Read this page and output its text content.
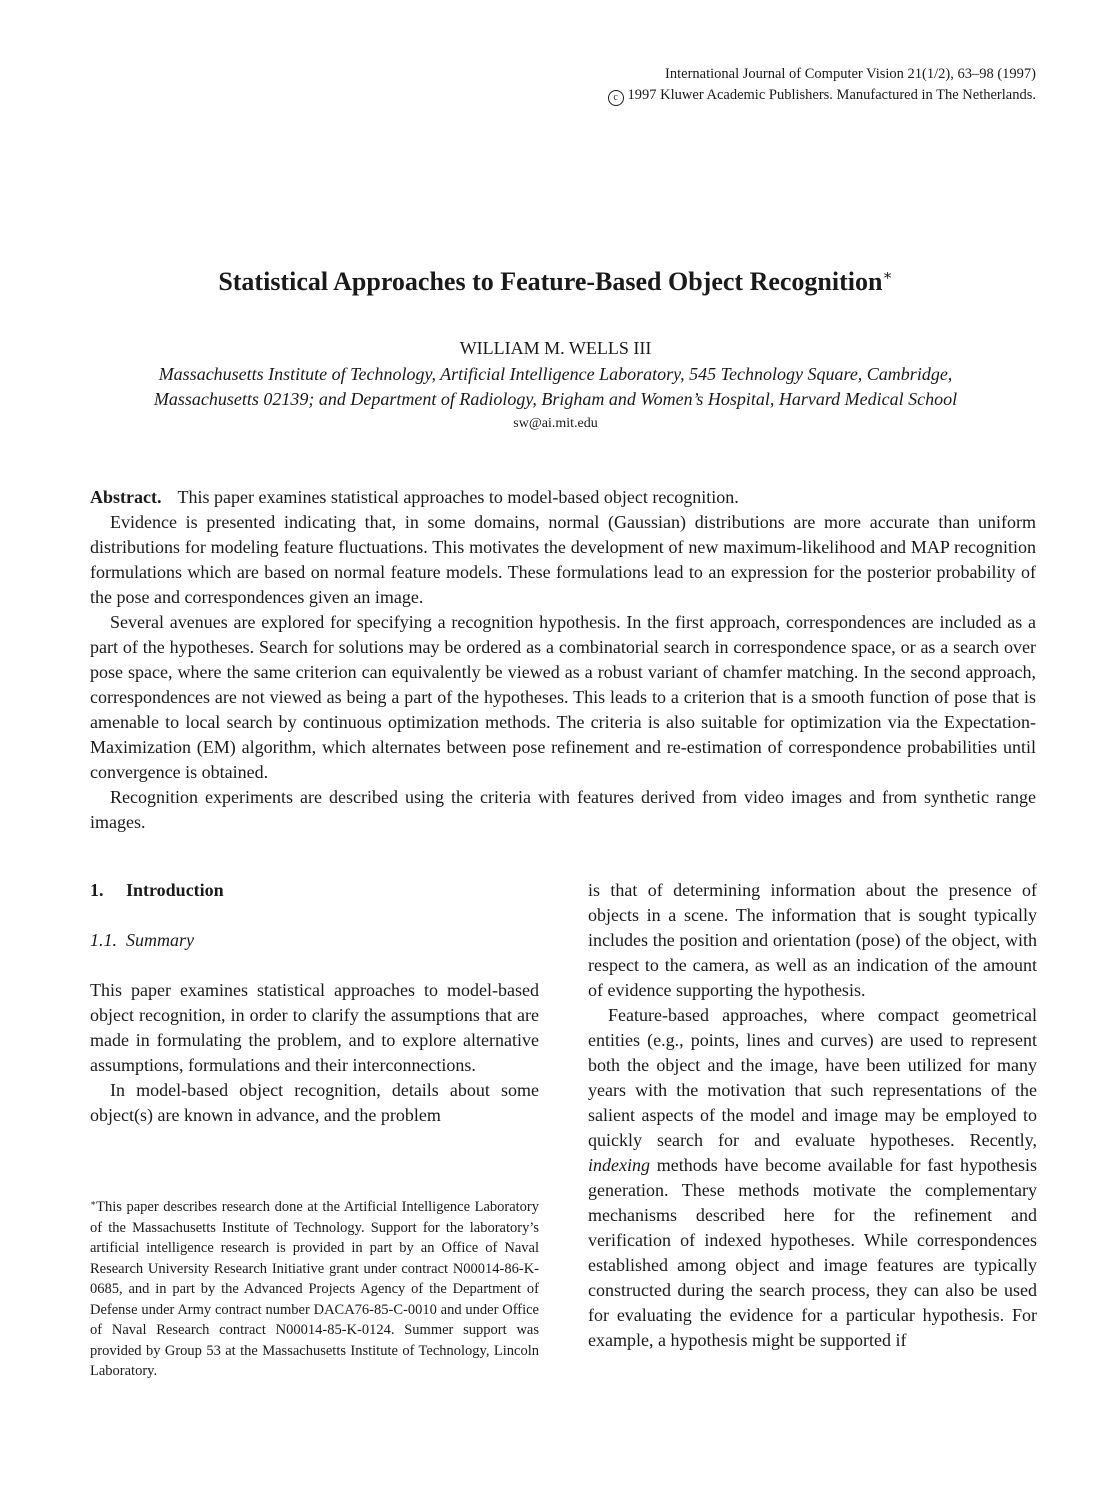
International Journal of Computer Vision 21(1/2), 63–98 (1997)
c 1997 Kluwer Academic Publishers. Manufactured in The Netherlands.
Statistical Approaches to Feature-Based Object Recognition∗
WILLIAM M. WELLS III
Massachusetts Institute of Technology, Artificial Intelligence Laboratory, 545 Technology Square, Cambridge,
Massachusetts 02139; and Department of Radiology, Brigham and Women’s Hospital, Harvard Medical School
sw@ai.mit.edu

Abstract. This paper examines statistical approaches to model-based object recognition.

Evidence is presented indicating that, in some domains, normal (Gaussian) distributions are more accurate than uniform distributions for modeling feature fluctuations. This motivates the development of new maximum-likelihood and MAP recognition formulations which are based on normal feature models. These formulations lead to an expression for the posterior probability of the pose and correspondences given an image.

Several avenues are explored for specifying a recognition hypothesis. In the first approach, correspondences are included as a part of the hypotheses. Search for solutions may be ordered as a combinatorial search in correspondence space, or as a search over pose space, where the same criterion can equivalently be viewed as a robust variant of chamfer matching. In the second approach, correspondences are not viewed as being a part of the hypotheses. This leads to a criterion that is a smooth function of pose that is amenable to local search by continuous optimization methods. The criteria is also suitable for optimization via the Expectation-Maximization (EM) algorithm, which alternates between pose refinement and re-estimation of correspondence probabilities until convergence is obtained.

Recognition experiments are described using the criteria with features derived from video images and from synthetic range images.

1. Introduction
1.1. Summary

This paper examines statistical approaches to model-based object recognition, in order to clarify the assumptions that are made in formulating the problem, and to explore alternative assumptions, formulations and their interconnections.

In model-based object recognition, details about some object(s) are known in advance, and the problem

∗This paper describes research done at the Artificial Intelligence Laboratory of the Massachusetts Institute of Technology. Support for the laboratory’s artificial intelligence research is provided in part by an Office of Naval Research University Research Initiative grant under contract N00014-86-K-0685, and in part by the Advanced Projects Agency of the Department of Defense under Army contract number DACA76-85-C-0010 and under Office of Naval Research contract N00014-85-K-0124. Summer support was provided by Group 53 at the Massachusetts Institute of Technology, Lincoln Laboratory.

is that of determining information about the presence of objects in a scene. The information that is sought typically includes the position and orientation (pose) of the object, with respect to the camera, as well as an indication of the amount of evidence supporting the hypothesis.

Feature-based approaches, where compact geometrical entities (e.g., points, lines and curves) are used to represent both the object and the image, have been utilized for many years with the motivation that such representations of the salient aspects of the model and image may be employed to quickly search for and evaluate hypotheses. Recently, indexing methods have become available for fast hypothesis generation. These methods motivate the complementary mechanisms described here for the refinement and verification of indexed hypotheses. While correspondences established among object and image features are typically constructed during the search process, they can also be used for evaluating the evidence for a particular hypothesis. For example, a hypothesis might be supported if
